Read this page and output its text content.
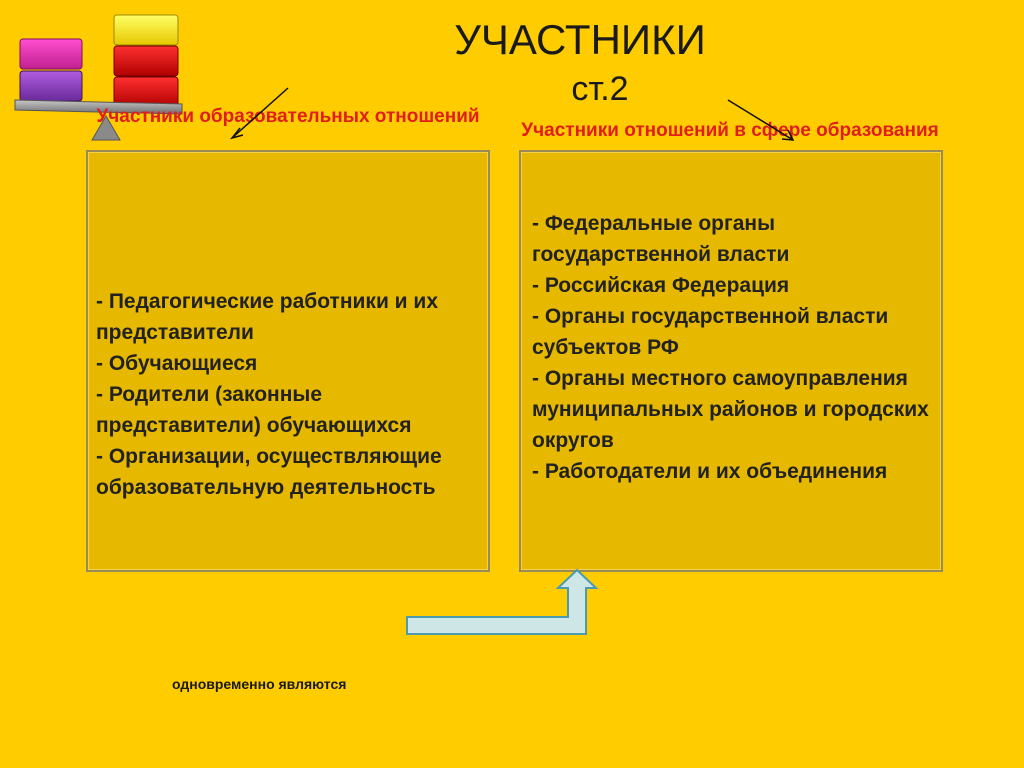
УЧАСТНИКИ
ст.2
Участники образовательных отношений
Участники отношений в сфере образования
- Педагогические работники и их представители
- Обучающиеся
- Родители (законные представители) обучающихся
- Организации, осуществляющие образовательную деятельность
- Федеральные органы государственной власти
- Российская Федерация
- Органы государственной власти субъектов РФ
- Органы местного самоуправления муниципальных районов и городских округов
- Работодатели и их объединения
одновременно являются
